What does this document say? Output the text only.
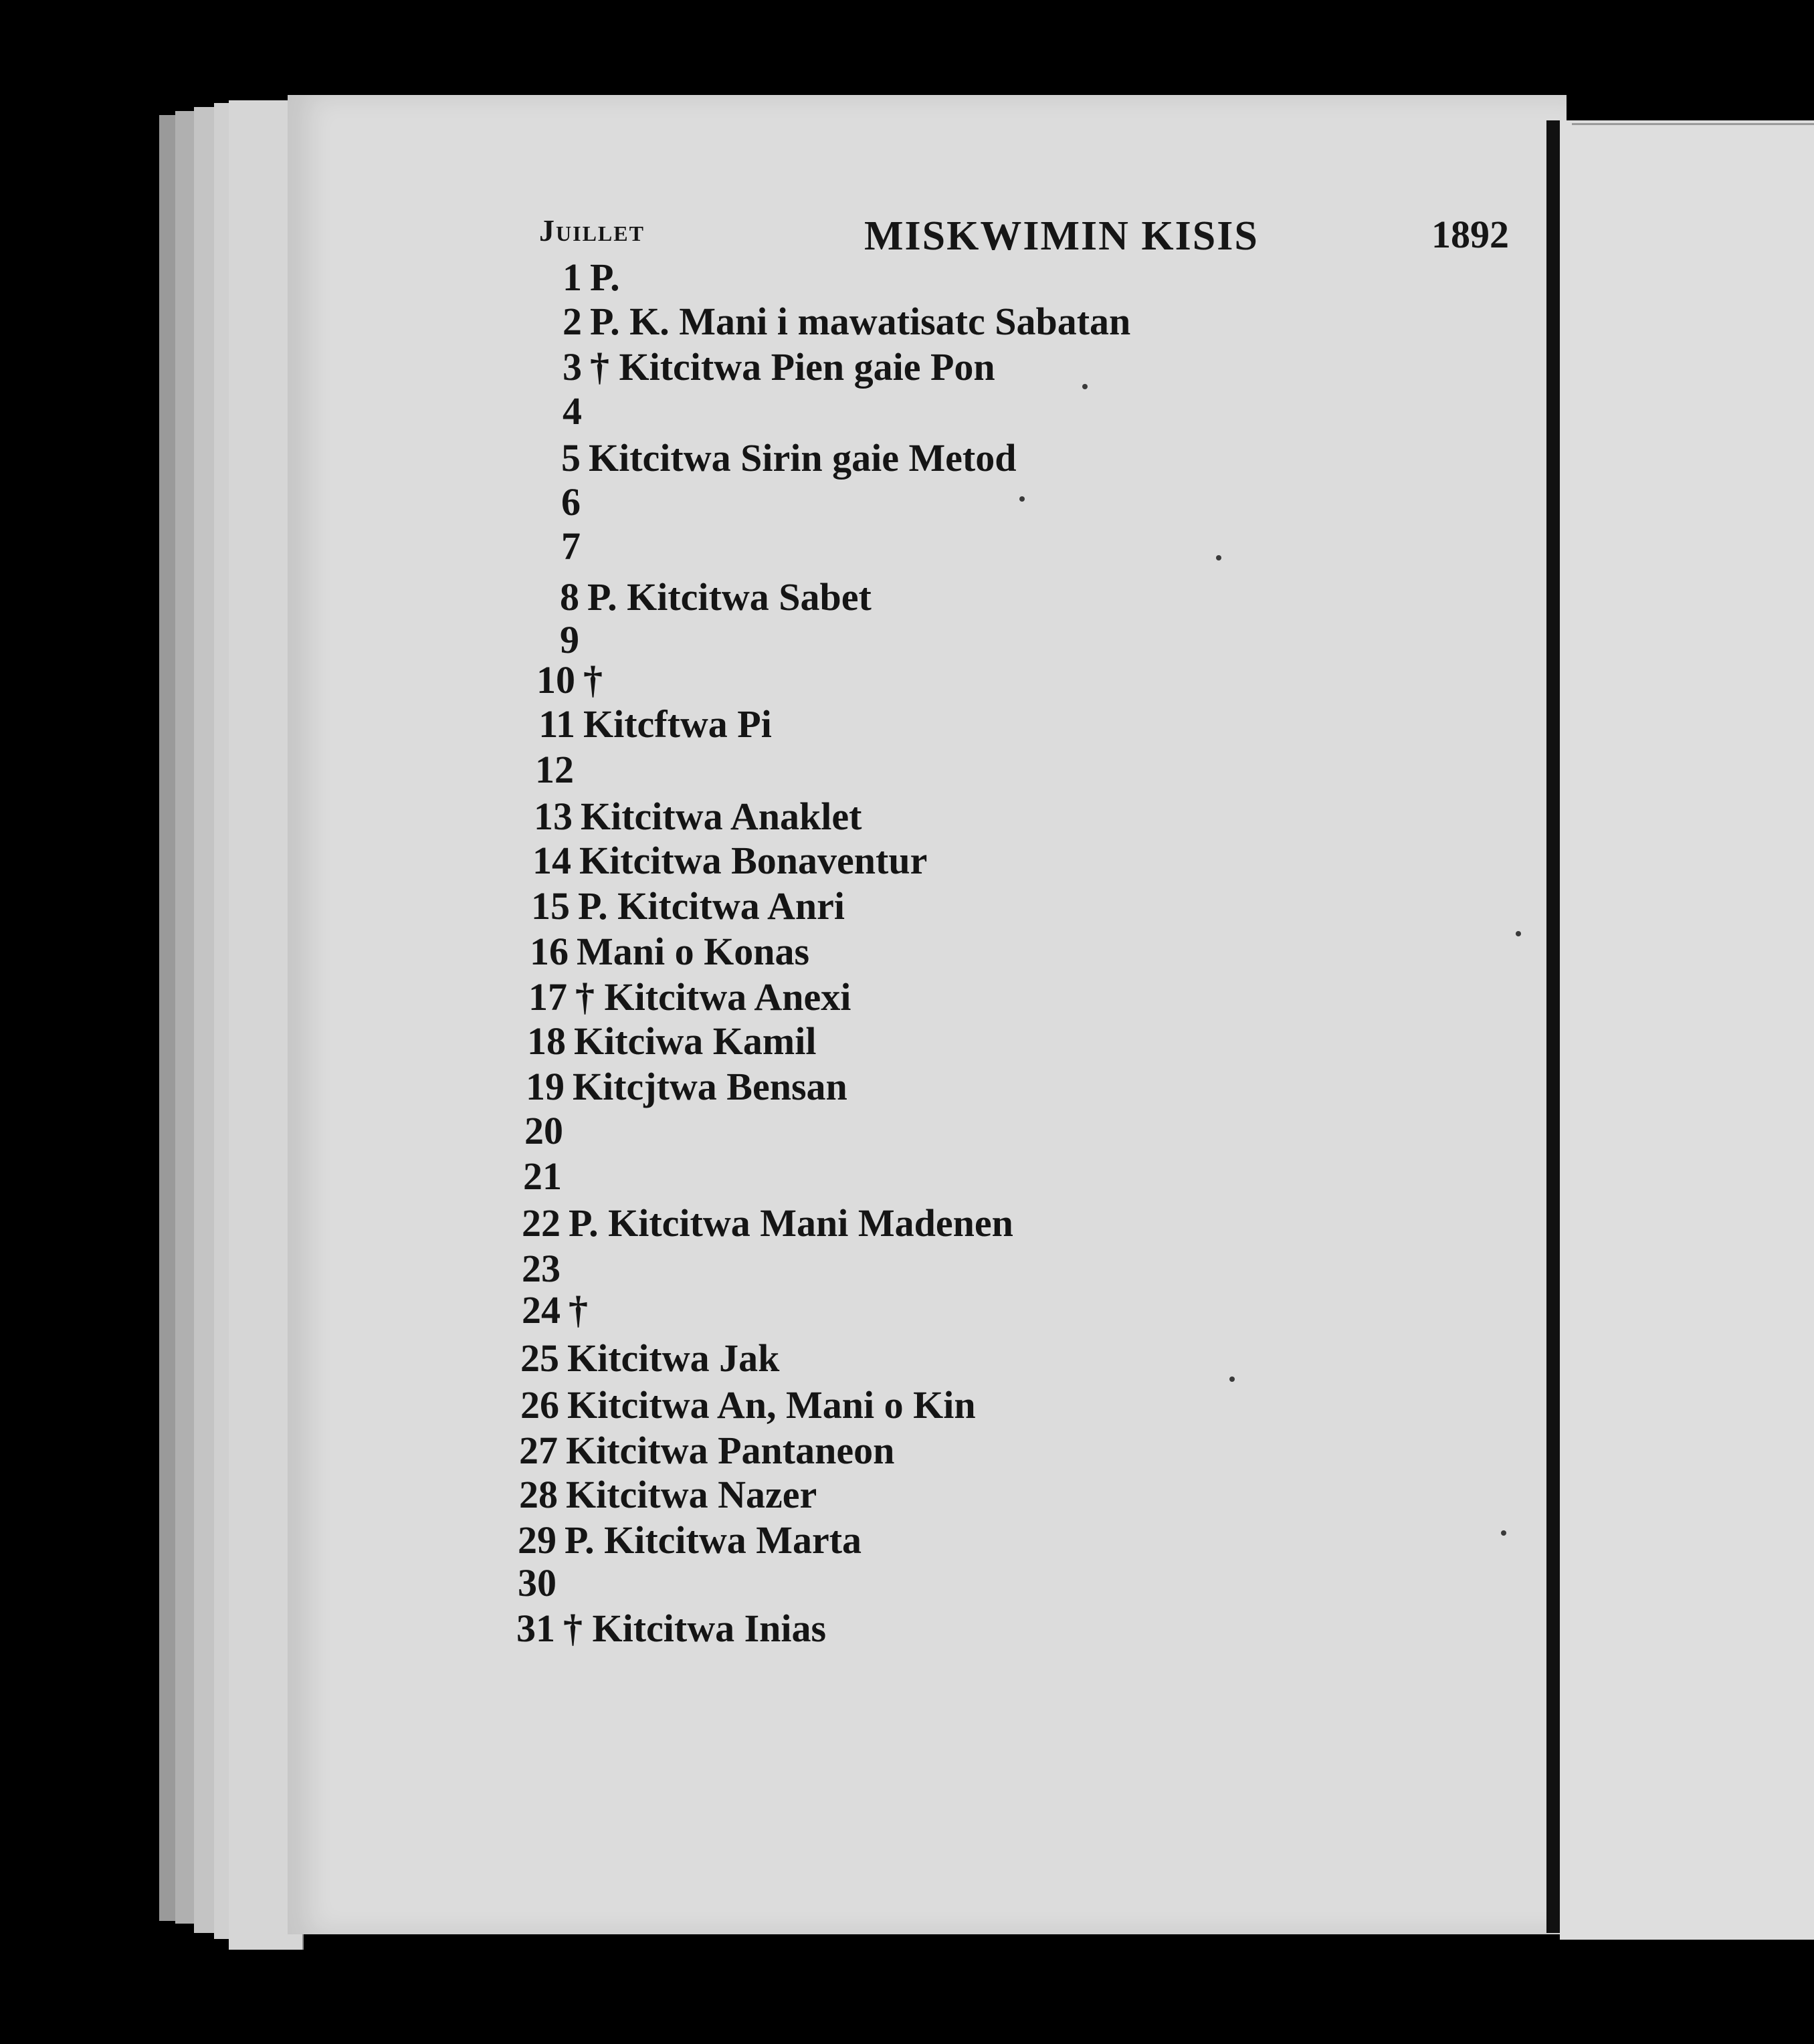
Juillet	MISKWIMIN KISIS	1892
1 P.
2 P. K. Mani i mawatisatc Sabatan
3 † Kitcitwa Pien gaie Pon
4
5 Kitcitwa Sirin gaie Metod
6
7
8 P. Kitcitwa Sabet
9
10 †
11 Kitcftwa Pi
12
13 Kitcitwa Anaklet
14 Kitcitwa Bonaventur
15 P. Kitcitwa Anri
16 Mani o Konas
17 † Kitcitwa Anexi
18 Kitciwa Kamil
19 Kitcjtwa Bensan
20
21
22 P. Kitcitwa Mani Madenen
23
24 †
25 Kitcitwa Jak
26 Kitcitwa An, Mani o Kin
27 Kitcitwa Pantaneon
28 Kitcitwa Nazer
29 P. Kitcitwa Marta
30
31 † Kitcitwa Inias
